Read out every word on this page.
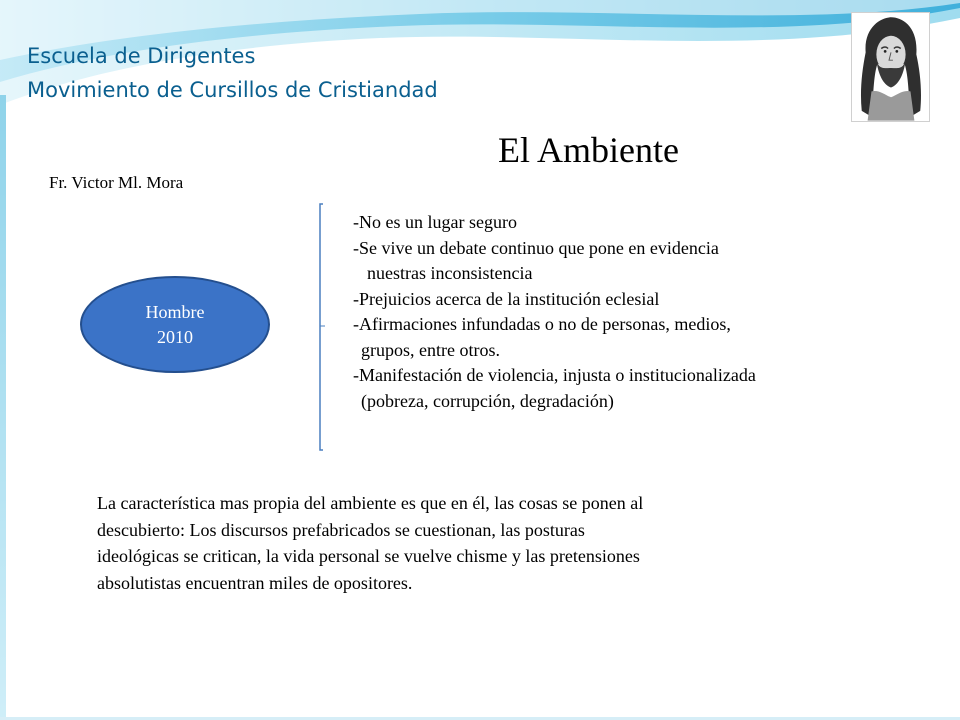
Escuela de Dirigentes
Movimiento de Cursillos de Cristiandad
El Ambiente
Fr. Victor Ml. Mora
Hombre
2010
-No es un lugar seguro
-Se vive un debate continuo que pone en evidencia
nuestras inconsistencia
-Prejuicios acerca de la institución eclesial
-Afirmaciones infundadas o no de personas, medios,
grupos, entre otros.
-Manifestación de violencia, injusta o institucionalizada
(pobreza, corrupción, degradación)
La característica mas propia del ambiente es que en él, las cosas se ponen al
descubierto: Los discursos prefabricados se cuestionan, las posturas
ideológicas se critican, la vida personal se vuelve chisme y las pretensiones
absolutistas encuentran miles de opositores.
